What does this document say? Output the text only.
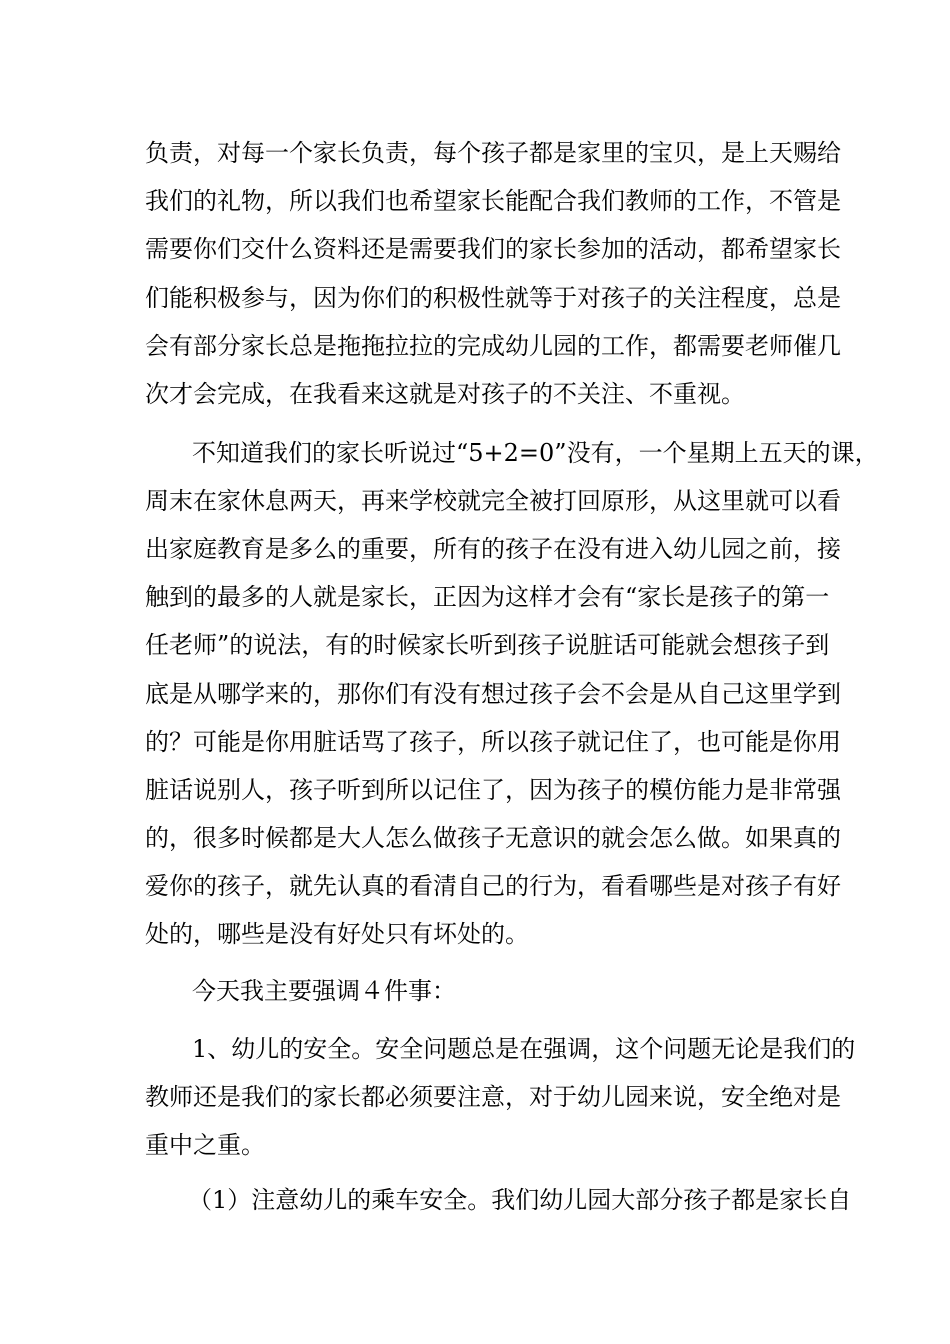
负责，对每一个家长负责，每个孩子都是家里的宝贝，是上天赐给
我们的礼物，所以我们也希望家长能配合我们教师的工作，不管是
需要你们交什么资料还是需要我们的家长参加的活动，都希望家长
们能积极参与，因为你们的积极性就等于对孩子的关注程度，总是
会有部分家长总是拖拖拉拉的完成幼儿园的工作，都需要老师催几
次才会完成，在我看来这就是对孩子的不关注、不重视。
不知道我们的家长听说过“5+2=0”没有，一个星期上五天的课，
周末在家休息两天，再来学校就完全被打回原形，从这里就可以看
出家庭教育是多么的重要，所有的孩子在没有进入幼儿园之前，接
触到的最多的人就是家长，正因为这样才会有“家长是孩子的第一
任老师”的说法，有的时候家长听到孩子说脏话可能就会想孩子到
底是从哪学来的，那你们有没有想过孩子会不会是从自己这里学到
的？可能是你用脏话骂了孩子，所以孩子就记住了，也可能是你用
脏话说别人，孩子听到所以记住了，因为孩子的模仿能力是非常强
的，很多时候都是大人怎么做孩子无意识的就会怎么做。如果真的
爱你的孩子，就先认真的看清自己的行为，看看哪些是对孩子有好
处的，哪些是没有好处只有坏处的。
今天我主要强调４件事：
1、幼儿的安全。安全问题总是在强调，这个问题无论是我们的
教师还是我们的家长都必须要注意，对于幼儿园来说，安全绝对是
重中之重。
（1）注意幼儿的乘车安全。我们幼儿园大部分孩子都是家长自
